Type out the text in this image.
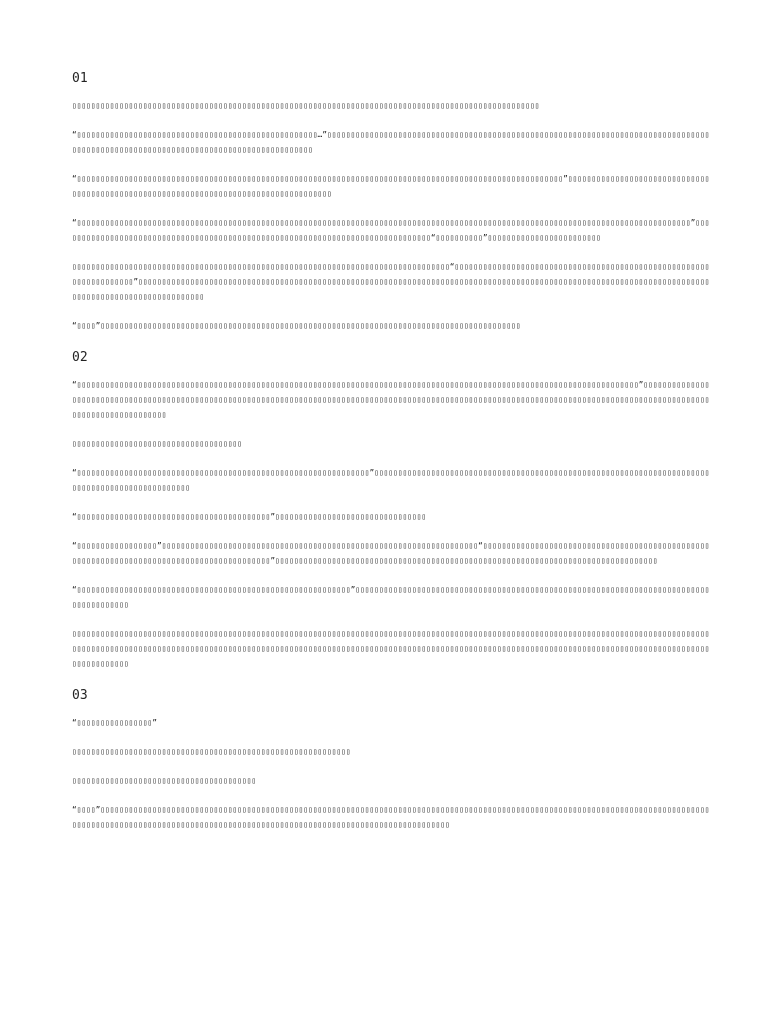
01

▯▯▯▯▯▯▯▯▯▯▯▯▯▯▯▯▯▯▯▯▯▯▯▯▯▯▯▯▯▯▯▯▯▯▯▯▯▯▯▯▯▯▯▯▯▯▯▯▯▯▯▯▯▯▯▯▯▯▯▯▯▯▯▯▯▯▯▯▯▯▯▯▯▯▯▯▯▯▯▯▯▯▯▯▯▯▯▯▯▯▯▯▯▯▯▯▯▯▯

“▯▯▯▯▯▯▯▯▯▯▯▯▯▯▯▯▯▯▯▯▯▯▯▯▯▯▯▯▯▯▯▯▯▯▯▯▯▯▯▯▯▯▯▯▯▯▯▯▯▯▯…”▯▯▯▯▯▯▯▯▯▯▯▯▯▯▯▯▯▯▯▯▯▯▯▯▯▯▯▯▯▯▯▯▯▯▯▯▯▯▯▯▯▯▯▯▯▯▯▯▯▯▯▯▯▯▯▯▯▯▯▯▯▯▯▯▯▯▯▯▯▯▯▯▯▯▯▯▯▯▯▯▯▯▯▯▯▯▯▯▯▯▯▯▯▯▯▯▯▯▯▯▯▯▯▯▯▯▯▯▯▯▯▯▯▯▯▯▯▯▯▯▯▯▯▯▯▯▯▯▯▯▯▯

“▯▯▯▯▯▯▯▯▯▯▯▯▯▯▯▯▯▯▯▯▯▯▯▯▯▯▯▯▯▯▯▯▯▯▯▯▯▯▯▯▯▯▯▯▯▯▯▯▯▯▯▯▯▯▯▯▯▯▯▯▯▯▯▯▯▯▯▯▯▯▯▯▯▯▯▯▯▯▯▯▯▯▯▯▯▯▯▯▯▯▯▯▯▯▯▯▯▯▯▯▯▯▯”▯▯▯▯▯▯▯▯▯▯▯▯▯▯▯▯▯▯▯▯▯▯▯▯▯▯▯▯▯▯▯▯▯▯▯▯▯▯▯▯▯▯▯▯▯▯▯▯▯▯▯▯▯▯▯▯▯▯▯▯▯▯▯▯▯▯▯▯▯▯▯▯▯▯▯▯▯▯▯▯▯▯▯▯▯

“▯▯▯▯▯▯▯▯▯▯▯▯▯▯▯▯▯▯▯▯▯▯▯▯▯▯▯▯▯▯▯▯▯▯▯▯▯▯▯▯▯▯▯▯▯▯▯▯▯▯▯▯▯▯▯▯▯▯▯▯▯▯▯▯▯▯▯▯▯▯▯▯▯▯▯▯▯▯▯▯▯▯▯▯▯▯▯▯▯▯▯▯▯▯▯▯▯▯▯▯▯▯▯▯▯▯▯▯▯▯▯▯▯▯▯▯▯▯▯▯▯▯▯▯▯▯▯▯▯▯”▯▯▯▯▯▯▯▯▯▯▯▯▯▯▯▯▯▯▯▯▯▯▯▯▯▯▯▯▯▯▯▯▯▯▯▯▯▯▯▯▯▯▯▯▯▯▯▯▯▯▯▯▯▯▯▯▯▯▯▯▯▯▯▯▯▯▯▯▯▯▯▯▯▯▯▯▯▯▯“▯▯▯▯▯▯▯▯▯▯”▯▯▯▯▯▯▯▯▯▯▯▯▯▯▯▯▯▯▯▯▯▯▯▯

▯▯▯▯▯▯▯▯▯▯▯▯▯▯▯▯▯▯▯▯▯▯▯▯▯▯▯▯▯▯▯▯▯▯▯▯▯▯▯▯▯▯▯▯▯▯▯▯▯▯▯▯▯▯▯▯▯▯▯▯▯▯▯▯▯▯▯▯▯▯▯▯▯▯▯▯▯▯▯▯“▯▯▯▯▯▯▯▯▯▯▯▯▯▯▯▯▯▯▯▯▯▯▯▯▯▯▯▯▯▯▯▯▯▯▯▯▯▯▯▯▯▯▯▯▯▯▯▯▯▯▯▯▯▯▯▯▯▯▯▯▯▯▯▯▯▯▯”▯▯▯▯▯▯▯▯▯▯▯▯▯▯▯▯▯▯▯▯▯▯▯▯▯▯▯▯▯▯▯▯▯▯▯▯▯▯▯▯▯▯▯▯▯▯▯▯▯▯▯▯▯▯▯▯▯▯▯▯▯▯▯▯▯▯▯▯▯▯▯▯▯▯▯▯▯▯▯▯▯▯▯▯▯▯▯▯▯▯▯▯▯▯▯▯▯▯▯▯▯▯▯▯▯▯▯▯▯▯▯▯▯▯▯▯▯▯▯▯▯▯▯▯▯▯▯▯▯▯▯▯▯▯▯▯▯▯▯▯▯▯▯▯▯▯▯▯▯

“▯▯▯▯”▯▯▯▯▯▯▯▯▯▯▯▯▯▯▯▯▯▯▯▯▯▯▯▯▯▯▯▯▯▯▯▯▯▯▯▯▯▯▯▯▯▯▯▯▯▯▯▯▯▯▯▯▯▯▯▯▯▯▯▯▯▯▯▯▯▯▯▯▯▯▯▯▯▯▯▯▯▯▯▯▯▯▯▯▯▯▯▯▯

02

“▯▯▯▯▯▯▯▯▯▯▯▯▯▯▯▯▯▯▯▯▯▯▯▯▯▯▯▯▯▯▯▯▯▯▯▯▯▯▯▯▯▯▯▯▯▯▯▯▯▯▯▯▯▯▯▯▯▯▯▯▯▯▯▯▯▯▯▯▯▯▯▯▯▯▯▯▯▯▯▯▯▯▯▯▯▯▯▯▯▯▯▯▯▯▯▯▯▯▯▯▯▯▯▯▯▯▯▯▯▯▯▯▯▯▯▯▯▯▯”▯▯▯▯▯▯▯▯▯▯▯▯▯▯▯▯▯▯▯▯▯▯▯▯▯▯▯▯▯▯▯▯▯▯▯▯▯▯▯▯▯▯▯▯▯▯▯▯▯▯▯▯▯▯▯▯▯▯▯▯▯▯▯▯▯▯▯▯▯▯▯▯▯▯▯▯▯▯▯▯▯▯▯▯▯▯▯▯▯▯▯▯▯▯▯▯▯▯▯▯▯▯▯▯▯▯▯▯▯▯▯▯▯▯▯▯▯▯▯▯▯▯▯▯▯▯▯▯▯▯▯▯▯▯▯▯▯▯▯▯▯▯▯▯▯▯▯▯▯▯▯▯▯▯▯▯▯▯▯▯▯▯▯▯▯▯▯▯▯

▯▯▯▯▯▯▯▯▯▯▯▯▯▯▯▯▯▯▯▯▯▯▯▯▯▯▯▯▯▯▯▯▯▯▯▯

“▯▯▯▯▯▯▯▯▯▯▯▯▯▯▯▯▯▯▯▯▯▯▯▯▯▯▯▯▯▯▯▯▯▯▯▯▯▯▯▯▯▯▯▯▯▯▯▯▯▯▯▯▯▯▯▯▯▯▯▯▯▯”▯▯▯▯▯▯▯▯▯▯▯▯▯▯▯▯▯▯▯▯▯▯▯▯▯▯▯▯▯▯▯▯▯▯▯▯▯▯▯▯▯▯▯▯▯▯▯▯▯▯▯▯▯▯▯▯▯▯▯▯▯▯▯▯▯▯▯▯▯▯▯▯▯▯▯▯▯▯▯▯▯▯▯▯▯▯▯▯▯▯▯▯▯▯▯▯

“▯▯▯▯▯▯▯▯▯▯▯▯▯▯▯▯▯▯▯▯▯▯▯▯▯▯▯▯▯▯▯▯▯▯▯▯▯▯▯▯▯”▯▯▯▯▯▯▯▯▯▯▯▯▯▯▯▯▯▯▯▯▯▯▯▯▯▯▯▯▯▯▯▯

“▯▯▯▯▯▯▯▯▯▯▯▯▯▯▯▯▯”▯▯▯▯▯▯▯▯▯▯▯▯▯▯▯▯▯▯▯▯▯▯▯▯▯▯▯▯▯▯▯▯▯▯▯▯▯▯▯▯▯▯▯▯▯▯▯▯▯▯▯▯▯▯▯▯▯▯▯▯▯▯▯▯▯▯▯“▯▯▯▯▯▯▯▯▯▯▯▯▯▯▯▯▯▯▯▯▯▯▯▯▯▯▯▯▯▯▯▯▯▯▯▯▯▯▯▯▯▯▯▯▯▯▯▯▯▯▯▯▯▯▯▯▯▯▯▯▯▯▯▯▯▯▯▯▯▯▯▯▯▯▯▯▯▯▯▯▯▯▯▯▯▯▯▯▯▯”▯▯▯▯▯▯▯▯▯▯▯▯▯▯▯▯▯▯▯▯▯▯▯▯▯▯▯▯▯▯▯▯▯▯▯▯▯▯▯▯▯▯▯▯▯▯▯▯▯▯▯▯▯▯▯▯▯▯▯▯▯▯▯▯▯▯▯▯▯▯▯▯▯▯▯▯▯▯▯▯▯

“▯▯▯▯▯▯▯▯▯▯▯▯▯▯▯▯▯▯▯▯▯▯▯▯▯▯▯▯▯▯▯▯▯▯▯▯▯▯▯▯▯▯▯▯▯▯▯▯▯▯▯▯▯▯▯▯▯▯”▯▯▯▯▯▯▯▯▯▯▯▯▯▯▯▯▯▯▯▯▯▯▯▯▯▯▯▯▯▯▯▯▯▯▯▯▯▯▯▯▯▯▯▯▯▯▯▯▯▯▯▯▯▯▯▯▯▯▯▯▯▯▯▯▯▯▯▯▯▯▯▯▯▯▯▯▯▯▯▯▯▯▯▯▯▯▯

▯▯▯▯▯▯▯▯▯▯▯▯▯▯▯▯▯▯▯▯▯▯▯▯▯▯▯▯▯▯▯▯▯▯▯▯▯▯▯▯▯▯▯▯▯▯▯▯▯▯▯▯▯▯▯▯▯▯▯▯▯▯▯▯▯▯▯▯▯▯▯▯▯▯▯▯▯▯▯▯▯▯▯▯▯▯▯▯▯▯▯▯▯▯▯▯▯▯▯▯▯▯▯▯▯▯▯▯▯▯▯▯▯▯▯▯▯▯▯▯▯▯▯▯▯▯▯▯▯▯▯▯▯▯▯▯▯▯▯▯▯▯▯▯▯▯▯▯▯▯▯▯▯▯▯▯▯▯▯▯▯▯▯▯▯▯▯▯▯▯▯▯▯▯▯▯▯▯▯▯▯▯▯▯▯▯▯▯▯▯▯▯▯▯▯▯▯▯▯▯▯▯▯▯▯▯▯▯▯▯▯▯▯▯▯▯▯▯▯▯▯▯▯▯▯▯▯▯▯▯▯▯▯▯▯▯▯▯▯▯▯▯▯▯▯▯▯▯▯▯▯▯▯▯▯▯▯▯▯▯▯▯▯▯▯▯▯▯▯▯▯▯▯▯▯▯▯▯▯▯▯▯

03

“▯▯▯▯▯▯▯▯▯▯▯▯▯▯▯▯”

▯▯▯▯▯▯▯▯▯▯▯▯▯▯▯▯▯▯▯▯▯▯▯▯▯▯▯▯▯▯▯▯▯▯▯▯▯▯▯▯▯▯▯▯▯▯▯▯▯▯▯▯▯▯▯▯▯▯▯

▯▯▯▯▯▯▯▯▯▯▯▯▯▯▯▯▯▯▯▯▯▯▯▯▯▯▯▯▯▯▯▯▯▯▯▯▯▯▯

“▯▯▯▯”▯▯▯▯▯▯▯▯▯▯▯▯▯▯▯▯▯▯▯▯▯▯▯▯▯▯▯▯▯▯▯▯▯▯▯▯▯▯▯▯▯▯▯▯▯▯▯▯▯▯▯▯▯▯▯▯▯▯▯▯▯▯▯▯▯▯▯▯▯▯▯▯▯▯▯▯▯▯▯▯▯▯▯▯▯▯▯▯▯▯▯▯▯▯▯▯▯▯▯▯▯▯▯▯▯▯▯▯▯▯▯▯▯▯▯▯▯▯▯▯▯▯▯▯▯▯▯▯▯▯▯▯▯▯▯▯▯▯▯▯▯▯▯▯▯▯▯▯▯▯▯▯▯▯▯▯▯▯▯▯▯▯▯▯▯▯▯▯▯▯▯▯▯▯▯▯▯▯▯▯▯▯▯▯▯▯▯▯▯▯▯▯▯▯▯▯▯▯▯▯▯▯▯▯▯▯▯▯▯
